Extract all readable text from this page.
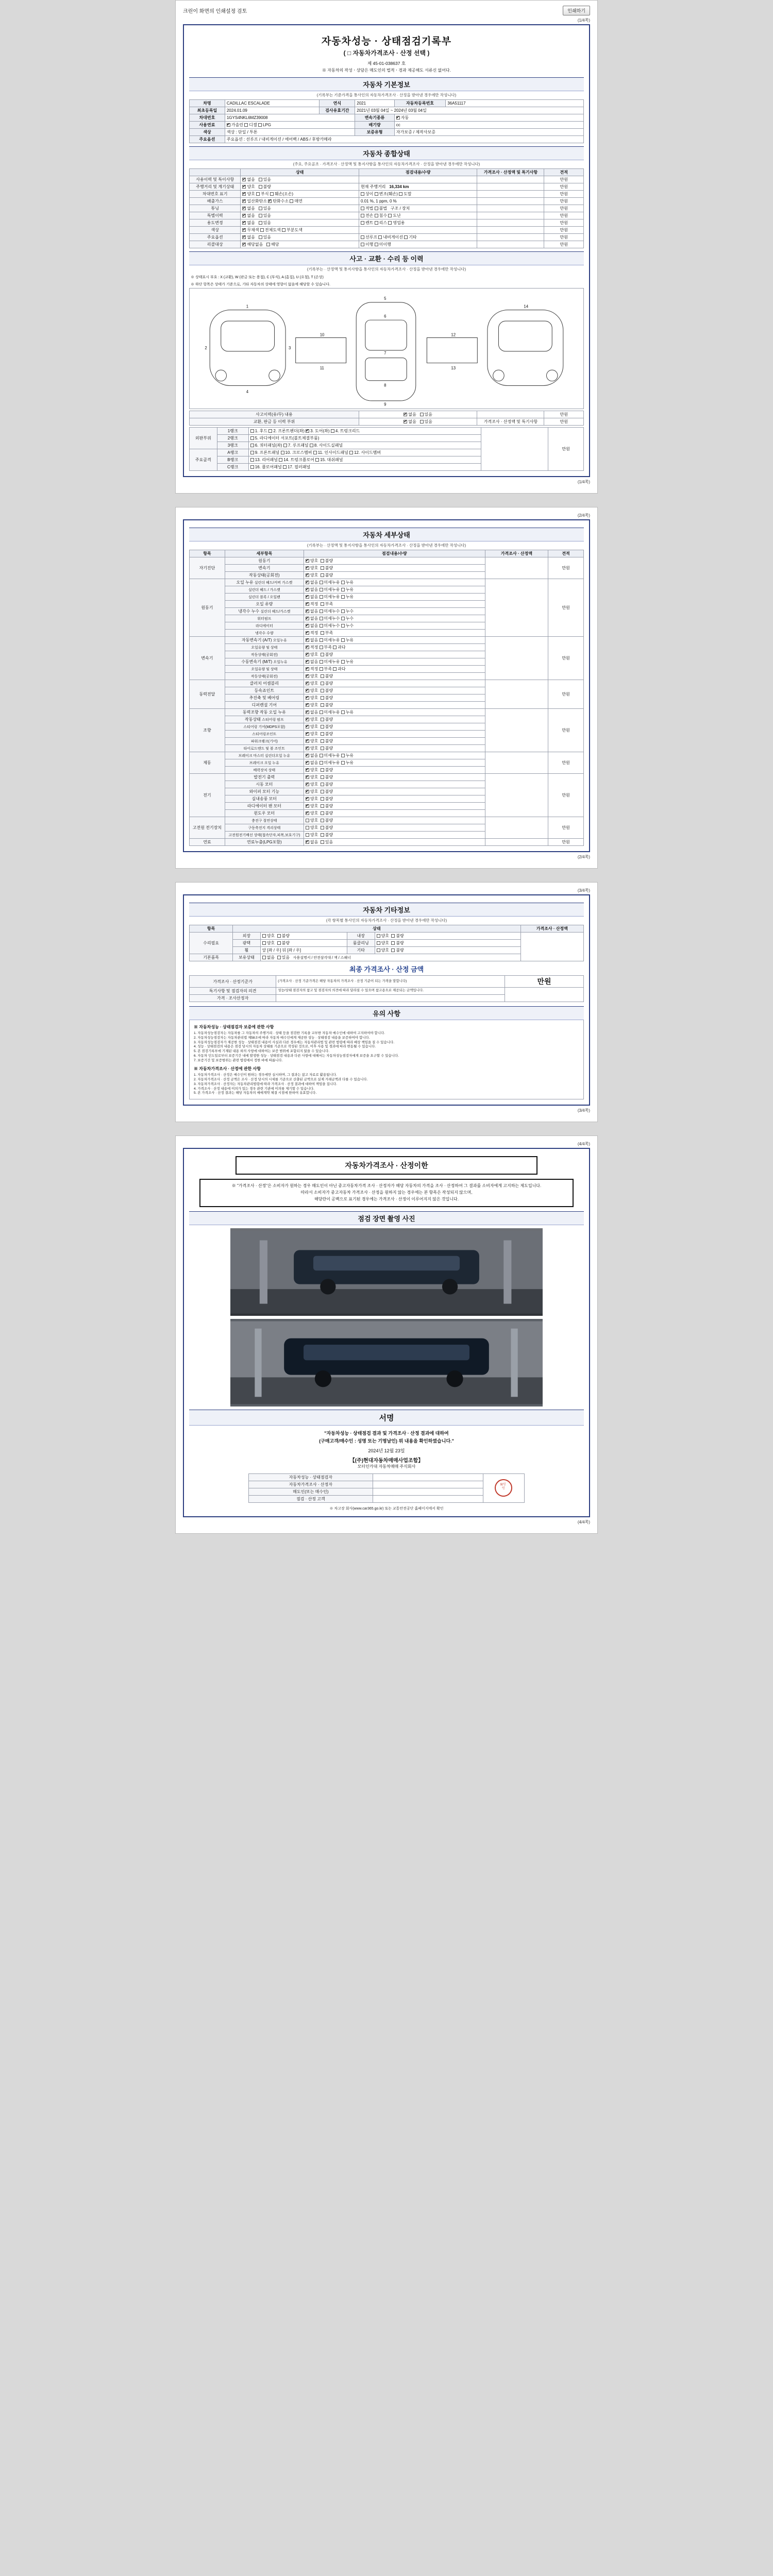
크린이 화면의 인쇄설정 검토	인쇄하기
(1/4쪽)
자동차성능 · 상태점검기록부
( □ 자동차가격조사 · 산정 선택 )
제 45-01-038637 호
※ 자동차의 작성ㆍ상담은 매도인의 법적ㆍ경과 제공해도 서류신 없어다.
자동차 기본정보
(기록부는 기준가격을 통사인의 자동차가격조사 · 산정을 받아낸 경우에만 작성니다)
차명	CADILLAC ESCALADE	연식	2021	자동차등록번호	36A51117
최초등록일	2024.01.09	검사유효기간	2021년 03월 04일 ~ 2024년 03월 04일		
차대번호	1GYS4NKL6MZ39008		변속기종류	✔자동
사용연료	✔가솔린 디젤 LPG		배기량	cc	
색상	색상 : 단일 / 투톤		보증유형	자가보증 / 제작사보증	
주요옵션	주요옵션 : 선루프 / 내비게이션 / 에어백 / ABS / 후방카메라				
자동차 종합상태
(주요, 주요골조 · 가격조사 · 산정액 및 통지사항을 통사인의 자동차가격조사 · 산정을 받아낸 경우에만 작성니다)
	상태	점검내용/수량	가격조사 · 산정액 및 특기사항	견적
사용이력 및 특이사항	✔없음 있음			만원
주행거리 및 계기상태	✔양호 불량	현재 주행거리 16,334 km		만원
차대번호 표기	✔양호 부식 훼손(오손)	상이 변조(훼손) 도말		만원
배출가스	✔일산화탄소 ✔ 탄화수소 매연	0.01 %, 1 ppm, 0 %		만원
튜닝	✔없음 있음	적법 불법 구조 / 장치		만원
특별이력	✔없음 있음	전손 침수 도난		만원
용도변경	✔없음 있음	렌트 리스 영업용		만원
색상	✔무채색 전체도색 부분도색			만원
주요옵션	✔없음 있음	선루프 내비게이션 기타		만원
리콜대상	✔해당없음 해당	이행 미이행		만원
사고 · 교환 · 수리 등 이력
(기록부는 · 산정액 및 통지사항을 통사인의 자동차가격조사 · 산정을 받아낸 경우에만 작성니다)
※ 상태표시 부호 : X (교환), W (판금 또는 용접), C (부식), A (흠집), U (요철), T (손상)
※ 하단 항목은 상태가 기준으로, 기타 자동차의 상태에 영향이 없음에 해당할 수 있습니다.
1
2	3
4
5
6
7
8
9
10
11
12
13
14
사고이력(유/무) 내용	✔없음 있음		만원
교환, 판금 등 이력 부위	✔없음 있음	가격조사 · 산정액 및 특기사항	만원
외판부위	1랭크	1. 후드 2. 프론트펜더(좌) ✔ 3. 도어(좌) 4. 트렁크리드		만원
	2랭크	5. 라디에이터 서포트(볼트체결부품)		
	3랭크	6. 쿼터패널(좌) 7. 루프패널 8. 사이드실패널		
주요골격	A랭크	9. 프론트패널 10. 크로스멤버 11. 인사이드패널 12. 사이드멤버		
	B랭크	13. 리어패널 14. 트렁크플로어 15. 대쉬패널		
	C랭크	16. 플로어패널 17. 필러패널		
(1/4쪽)
(2/4쪽)
자동차 세부상태
(기록부는 · 산정액 및 통지사항을 통사인의 자동차가격조사 · 산정을 받아낸 경우에만 작성니다)
항목	세부항목	점검내용/수량	가격조사 · 산정액	견적
자기진단	원동기	✔양호 불량		만원
	변속기	✔양호 불량
	작동상태(공회전)	✔양호 불량
원동기	오일 누유 실린더 헤드/커버 가스켓	✔없음 미세누유 누유		만원
	실린더 헤드 / 가스켓	✔없음 미세누유 누유
	실린더 블록 / 오일팬	✔없음 미세누유 누유
	오일 유량	✔적정 부족
	냉각수 누수 실린더 헤드/가스켓	✔없음 미세누수 누수
	워터펌프	✔없음 미세누수 누수
	라디에이터	✔없음 미세누수 누수
	냉각수 수량	✔적정 부족
변속기	자동변속기 (A/T) 오일누유	✔없음 미세누유 누유		만원
	오일유량 및 상태	✔적정 부족 과다
	작동상태(공회전)	✔양호 불량
	수동변속기 (M/T) 오일누유	✔없음 미세누유 누유
	오일유량 및 상태	✔적정 부족 과다
	작동상태(공회전)	✔양호 불량
동력전달	클러치 어셈블리	✔양호 불량		만원
	등속죠인트	✔양호 불량
	추진축 및 베어링	✔양호 불량
	디퍼렌셜 기어	✔양호 불량
조향	동력조향 작동 오일 누유	✔없음 미세누유 누유		만원
	작동상태 스티어링 펌프	✔양호 불량
	스티어링 기어(MDPS포함)	✔양호 불량
	스티어링조인트	✔양호 불량
	파워크랭크(기어)	✔양호 불량
	타이로드엔드 및 볼 조인트	✔양호 불량
제동	브레이크 마스터 실린더오일 누유	✔없음 미세누유 누유		만원
	브레이크 오일 누유	✔없음 미세누유 누유
	배력장치 상태	✔양호 불량
전기	발전기 출력	✔양호 불량		만원
	시동 모터	✔양호 불량
	와이퍼 모터 기능	✔양호 불량
	실내송풍 모터	✔양호 불량
	라디에이터 팬 모터	✔양호 불량
	윈도우 모터	✔양호 불량
고전원 전기장치	충전구 절연상태	양호 불량		만원
	구동축전지 격리상태	양호 불량		
	고전원전기배선 상태(접속단자,피복,보호기구)	양호 불량		
연료	연료누출(LPG포함)	✔없음 있음		만원
(2/4쪽)
(3/4쪽)
자동차 기타정보
(각 항목별 통사인의 자동차가격조사 · 산정을 받아낸 경우에만 작성니다)
항목	상태				가격조사 · 산정액
수리필요	외장	양호 불량	내장	양호 불량	
	광택	양호 불량	룸클리닝	양호 불량	
	휠	앞 [좌 / 우] 뒤 [좌 / 우]	기타	양호 불량	
기본품목	보유상태	없음 있음 사용설명서 / 안전삼각대 / 잭 / 스패너			
최종 가격조사 · 산정 금액
가격조사 · 산정기준가	(가격조사 · 산정 기준가격은 해당 자동차의 가격조사 · 산정 기준이 되는 가격을 말합니다)	만원
특기사항 및 점검자의 의견	성능/상태 점검자의 참고 및 점검자의 의견에 따라 달라질 수 있으며 참고용으로 제공되는 금액입니다.	
가격 · 조사산정자		
유의 사항
※ 자동차성능 · 상태점검자 보증에 관한 사항
1. 자동차성능점검자는 자동차를 그 자동차의 주행거리 · 상태 등을 점검한 기록을 교부한 자동차 매수인에 대하여 고지하여야 합니다.
2. 자동차성능점검자는 자동차관리법 제58조에 따라 자동차 매수인에게 제공한 성능 · 상태점검 내용을 보증하여야 합니다.
3. 자동차성능점검자가 제공한 성능 · 상태점검 내용이 사실과 다른 경우에는 자동차관리법 및 관련 법령에 따라 배상 책임을 질 수 있습니다.
4. 성능 · 상태점검의 내용은 점검 당시의 자동차 상태를 기준으로 작성된 것으로, 이후 사용 및 경과에 따라 변동될 수 있습니다.
5. 본 점검기록부에 기재된 내용 외의 사항에 대하여는 보증 범위에 포함되지 않을 수 있습니다.
6. 자동차 인도일로부터 보증기간 내에 발생한 성능 · 상태점검 내용과 다른 사항에 대해서는 자동차성능점검자에게 보증을 요구할 수 있습니다.
7. 보증기간 및 보증범위는 관련 법령에서 정한 바에 따릅니다.
※ 자동차가격조사 · 산정에 관한 사항
1. 자동차가격조사 · 산정은 매수인이 원하는 경우에만 실시하며, 그 결과는 참고 자료로 활용됩니다.
2. 자동차가격조사 · 산정 금액은 조사 · 산정 당시의 시세를 기준으로 산출된 금액으로 실제 거래금액과 다를 수 있습니다.
3. 자동차가격조사 · 산정자는 자동차관리법령에 따라 가격조사 · 산정 결과에 대하여 책임을 집니다.
4. 가격조사 · 산정 내용에 이의가 있는 경우 관련 기관에 이의를 제기할 수 있습니다.
5. 본 가격조사 · 산정 결과는 해당 자동차의 매매계약 체결 시점에 한하여 유효합니다.
(3/4쪽)
(4/4쪽)
자동차가격조사 · 산정이한
※ "가격조사 · 산정"은 소비자가 원하는 경우 매도인이 아닌 중고자동차가격 조사 · 산정자가 해당 자동차의 가격을 조사 · 산정하여 그 결과를 소비자에게 고지하는 제도입니다.
따라서 소비자가 중고자동차 가격조사 · 산정을 원하지 않는 경우에는 본 항목은 작성되지 않으며,
해당란이 공백으로 표기된 경우에는 가격조사 · 산정이 이루어지지 않은 것입니다.
점검 장면 촬영 사진
서명
"자동차성능 · 상태점검 결과 및 가격조사 · 산정 결과에 대하여
(구매고객/매수인 : 성명 또는 기명날인) 위 내용을 확인하였습니다."
2024년 12월 23일
【(주)현대자동차매매사업조합】
모터인카대 자동차매매 주식회사
자동차성능 · 상태점검자		확인
인
자동차가격조사 · 산정자		
매도인(또는 매수인)		
점검 · 산정 고객		
※ 차고장 회사(www.car365.go.kr) 또는 교통안전공단 홈페이지에서 확인
(4/4쪽)
